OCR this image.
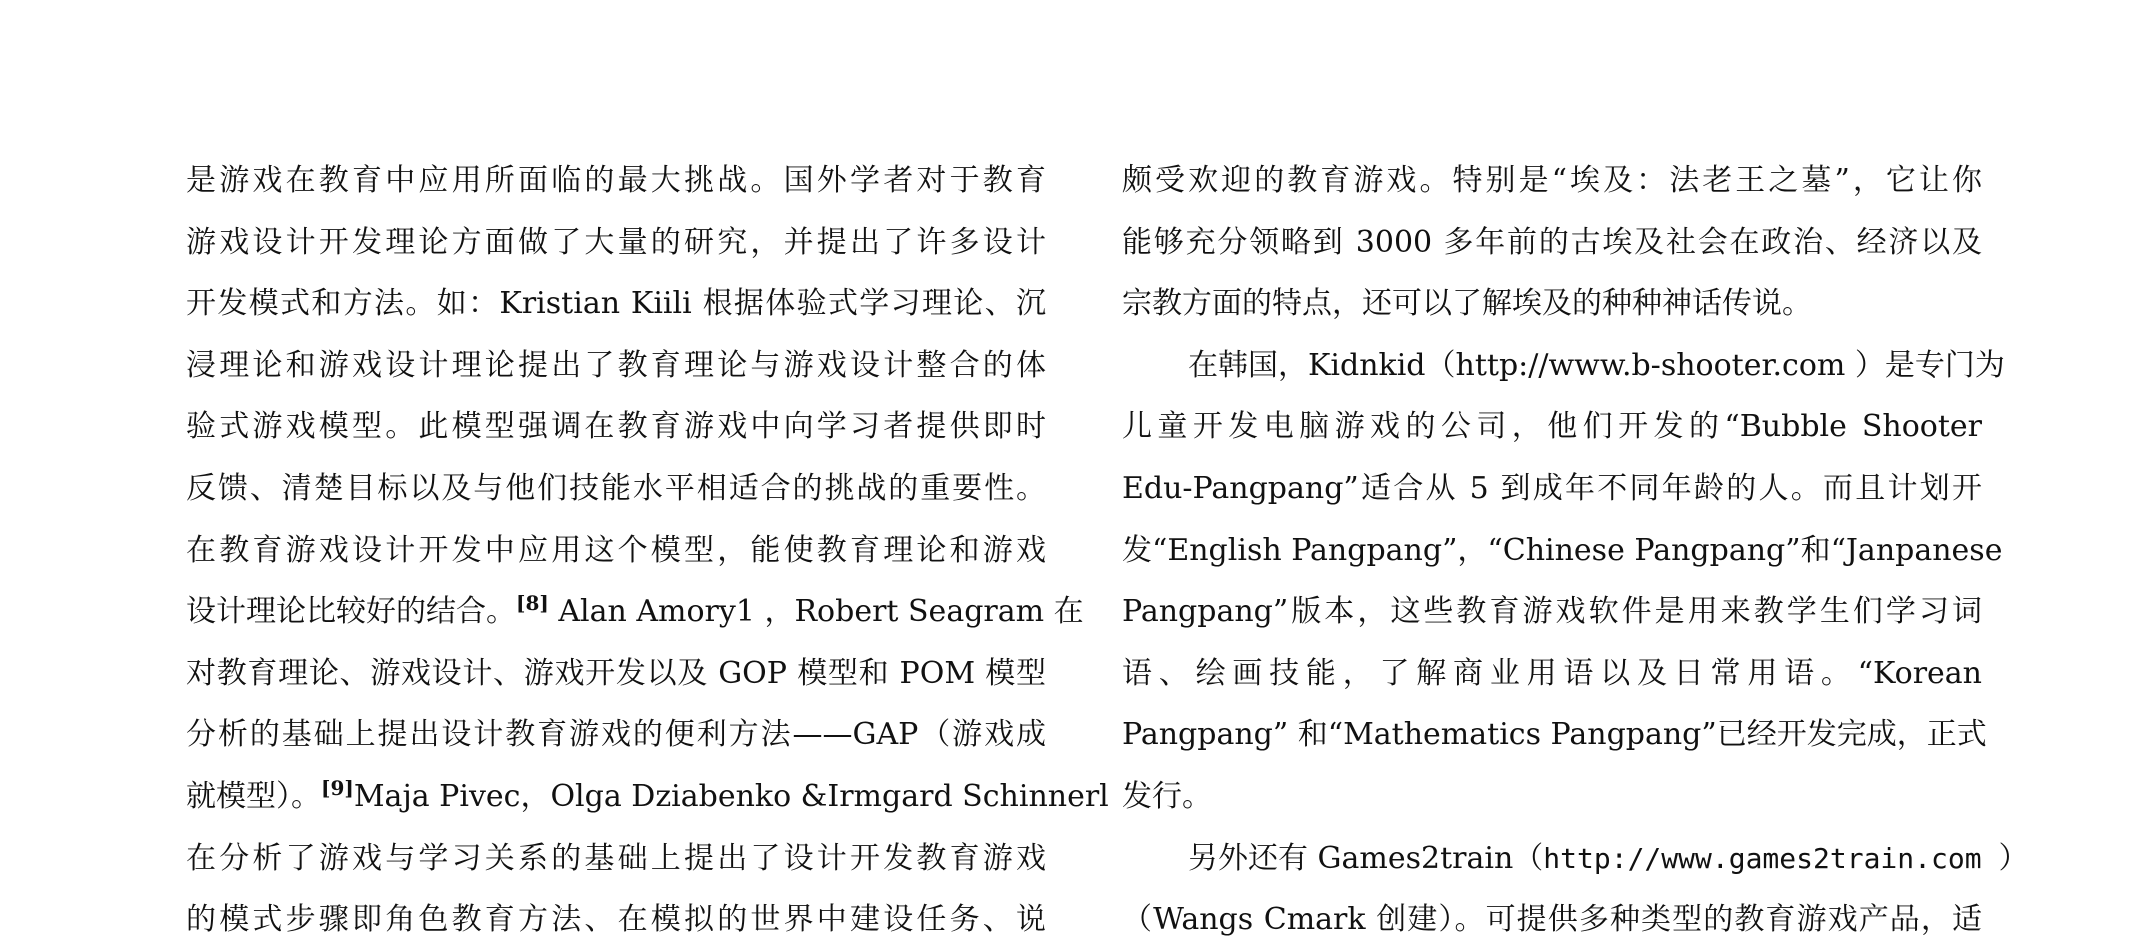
是游戏在教育中应用所面临的最大挑战。国外学者对于教育
游戏设计开发理论方面做了大量的研究，并提出了许多设计
开发模式和方法。如：Kristian Kiili 根据体验式学习理论、沉
浸理论和游戏设计理论提出了教育理论与游戏设计整合的体
验式游戏模型。此模型强调在教育游戏中向学习者提供即时
反馈、清楚目标以及与他们技能水平相适合的挑战的重要性。
在教育游戏设计开发中应用这个模型，能使教育理论和游戏
设计理论比较好的结合。[8] Alan Amory1 ，Robert Seagram 在
对教育理论、游戏设计、游戏开发以及 GOP 模型和 POM 模型
分析的基础上提出设计教育游戏的便利方法——GAP（游戏成
就模型）。[9]Maja Pivec，Olga Dziabenko &Irmgard Schinnerl
在分析了游戏与学习关系的基础上提出了设计开发教育游戏
的模式步骤即角色教育方法、在模拟的世界中建设任务、说
颇受欢迎的教育游戏。特别是“埃及：法老王之墓”，它让你
能够充分领略到 3000 多年前的古埃及社会在政治、经济以及
宗教方面的特点，还可以了解埃及的种种神话传说。
在韩国，Kidnkid（http://www.b-shooter.com ）是专门为
儿童开发电脑游戏的公司，他们开发的“Bubble Shooter
Edu-Pangpang”适合从 5 到成年不同年龄的人。而且计划开
发“English Pangpang”，“Chinese Pangpang”和“Janpanese
Pangpang”版本，这些教育游戏软件是用来教学生们学习词
语、绘画技能，了解商业用语以及日常用语。“Korean
Pangpang” 和“Mathematics Pangpang”已经开发完成，正式
发行。
另外还有 Games2train（http://www.games2train.com ）
（Wangs Cmark 创建）。可提供多种类型的教育游戏产品，适
